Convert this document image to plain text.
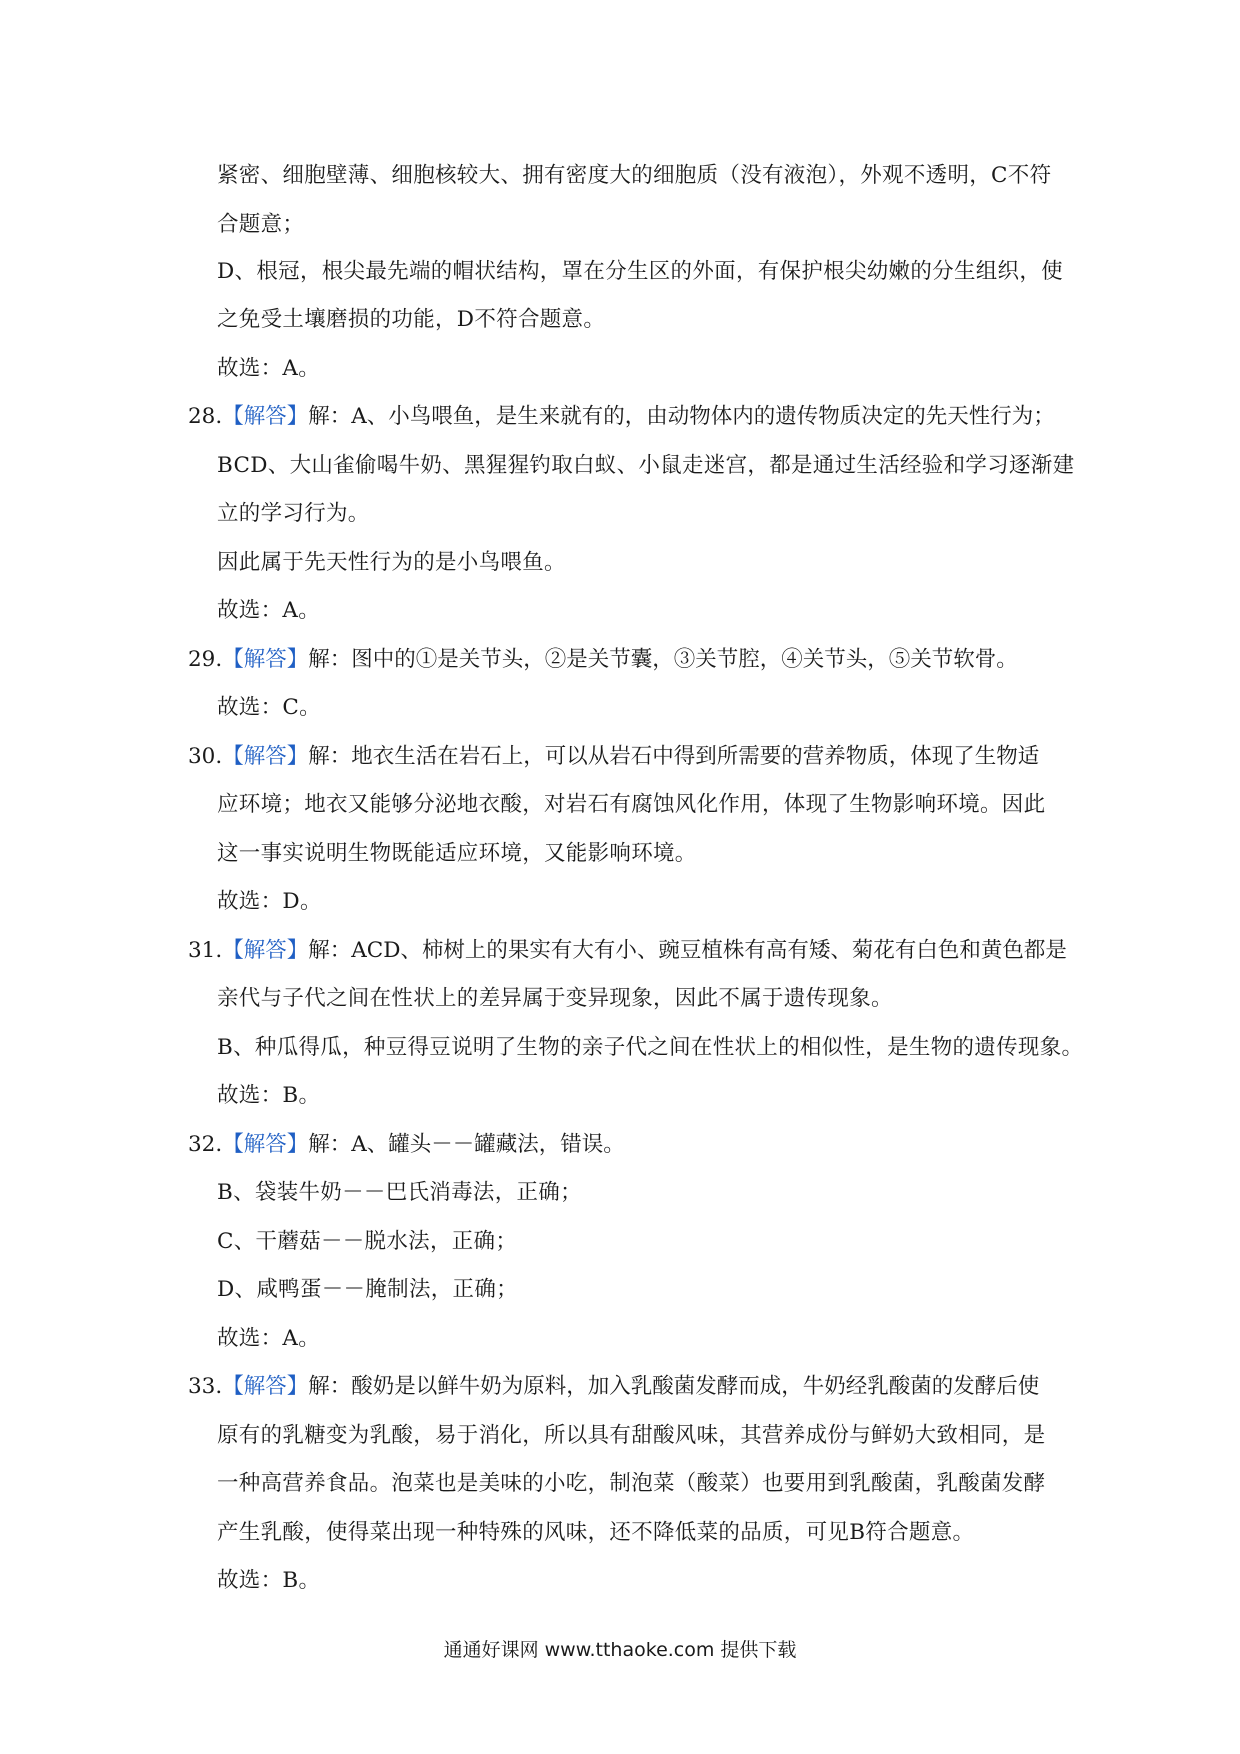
紧密、细胞壁薄、细胞核较大、拥有密度大的细胞质（没有液泡），外观不透明，C不符
合题意；
D、根冠，根尖最先端的帽状结构，罩在分生区的外面，有保护根尖幼嫩的分生组织，使
之免受土壤磨损的功能，D不符合题意。
故选：A。
28.【解答】解：A、小鸟喂鱼，是生来就有的，由动物体内的遗传物质决定的先天性行为；
BCD、大山雀偷喝牛奶、黑猩猩钓取白蚁、小鼠走迷宫，都是通过生活经验和学习逐渐建
立的学习行为。
因此属于先天性行为的是小鸟喂鱼。
故选：A。
29.【解答】解：图中的①是关节头，②是关节囊，③关节腔，④关节头，⑤关节软骨。
故选：C。
30.【解答】解：地衣生活在岩石上，可以从岩石中得到所需要的营养物质，体现了生物适
应环境；地衣又能够分泌地衣酸，对岩石有腐蚀风化作用，体现了生物影响环境。因此
这一事实说明生物既能适应环境，又能影响环境。
故选：D。
31.【解答】解：ACD、柿树上的果实有大有小、豌豆植株有高有矮、菊花有白色和黄色都是
亲代与子代之间在性状上的差异属于变异现象，因此不属于遗传现象。
B、种瓜得瓜，种豆得豆说明了生物的亲子代之间在性状上的相似性，是生物的遗传现象。
故选：B。
32.【解答】解：A、罐头－－罐藏法，错误。
B、袋装牛奶－－巴氏消毒法，正确；
C、干蘑菇－－脱水法，正确；
D、咸鸭蛋－－腌制法，正确；
故选：A。
33.【解答】解：酸奶是以鲜牛奶为原料，加入乳酸菌发酵而成，牛奶经乳酸菌的发酵后使
原有的乳糖变为乳酸，易于消化，所以具有甜酸风味，其营养成份与鲜奶大致相同，是
一种高营养食品。泡菜也是美味的小吃，制泡菜（酸菜）也要用到乳酸菌，乳酸菌发酵
产生乳酸，使得菜出现一种特殊的风味，还不降低菜的品质，可见B符合题意。
故选：B。
通通好课网 www.tthaoke.com 提供下载
